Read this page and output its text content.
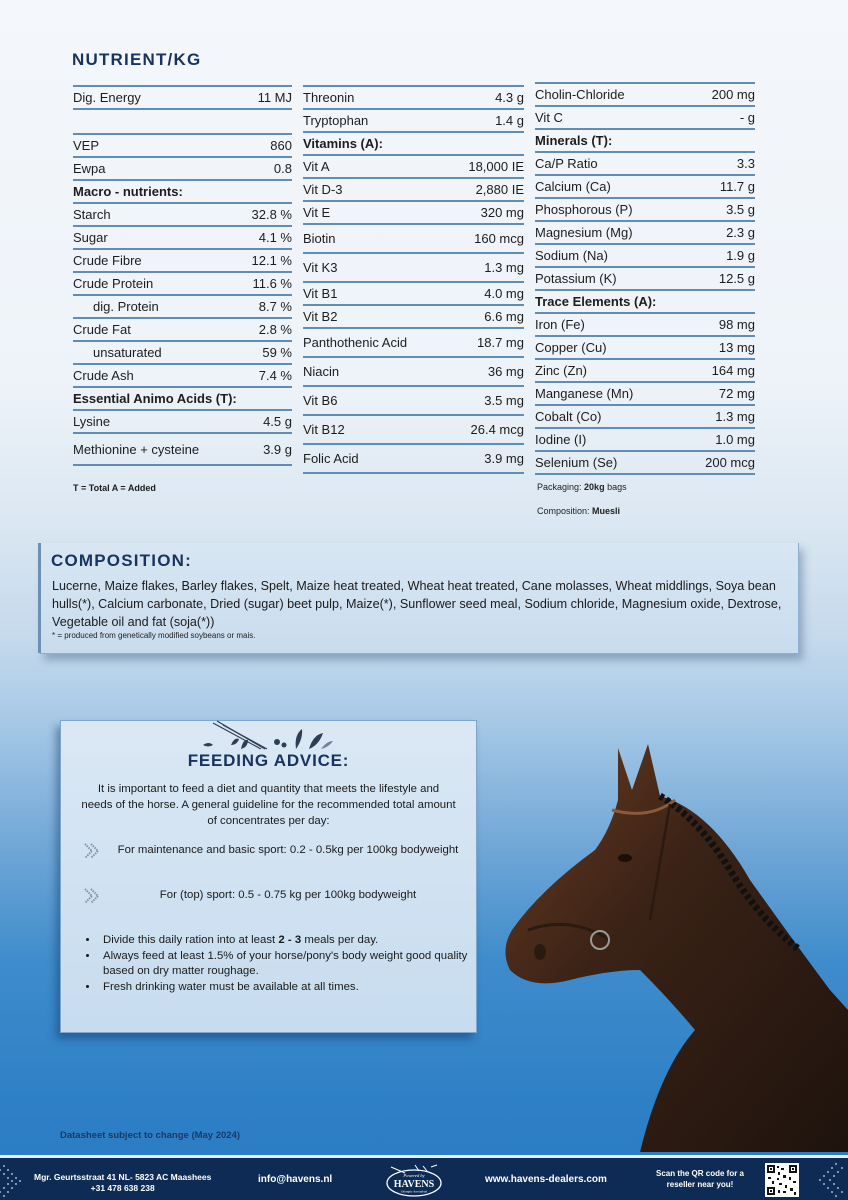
NUTRIENT/KG
Dig. Energy	11 MJ
VEP	860
Ewpa	0.8
Macro - nutrients:
Starch	32.8 %
Sugar	4.1 %
Crude Fibre	12.1 %
Crude Protein	11.6 %
dig. Protein	8.7 %
Crude Fat	2.8 %
unsaturated	59 %
Crude Ash	7.4 %
Essential Animo Acids (T):
Lysine	4.5 g
Methionine + cysteine	3.9 g
Threonin	4.3 g
Tryptophan	1.4 g
Vitamins (A):
Vit A	18,000 IE
Vit D-3	2,880 IE
Vit E	320 mg
Biotin	160 mcg
Vit K3	1.3 mg
Vit B1	4.0 mg
Vit B2	6.6 mg
Panthothenic Acid	18.7 mg
Niacin	36 mg
Vit B6	3.5 mg
Vit B12	26.4 mcg
Folic Acid	3.9 mg
Cholin-Chloride	200 mg
Vit C	- g
Minerals (T):
Ca/P Ratio	3.3
Calcium (Ca)	11.7 g
Phosphorous (P)	3.5 g
Magnesium (Mg)	2.3 g
Sodium (Na)	1.9 g
Potassium (K)	12.5 g
Trace Elements (A):
Iron (Fe)	98 mg
Copper (Cu)	13 mg
Zinc (Zn)	164 mg
Manganese (Mn)	72 mg
Cobalt (Co)	1.3 mg
Iodine (I)	1.0 mg
Selenium (Se)	200 mcg
T = Total A = Added	Packaging: 20kg bags
Composition: Muesli
COMPOSITION:
Lucerne, Maize flakes, Barley flakes, Spelt, Maize heat treated, Wheat heat treated, Cane molasses, Wheat middlings, Soya bean hulls(*), Calcium carbonate, Dried (sugar) beet pulp, Maize(*), Sunflower seed meal, Sodium chloride, Magnesium oxide, Dextrose, Vegetable oil and fat (soja(*))
* = produced from genetically modified soybeans or mais.
FEEDING ADVICE:
It is important to feed a diet and quantity that meets the lifestyle and needs of the horse. A general guideline for the recommended total amount of concentrates per day:
For maintenance and basic sport: 0.2 - 0.5kg per 100kg bodyweight
For (top) sport: 0.5 - 0.75 kg per 100kg bodyweight
• Divide this daily ration into at least 2 - 3 meals per day.
• Always feed at least 1.5% of your horse/pony's body weight good quality based on dry matter roughage.
• Fresh drinking water must be available at all times.
Datasheet subject to change (May 2024)
Mgr. Geurtsstraat 41 NL- 5823 AC Maashees
+31 478 638 238
info@havens.nl	Powered by
HAVENS
Olympic horsefeed
www.havens-dealers.com
Scan the QR code for a reseller near you!
